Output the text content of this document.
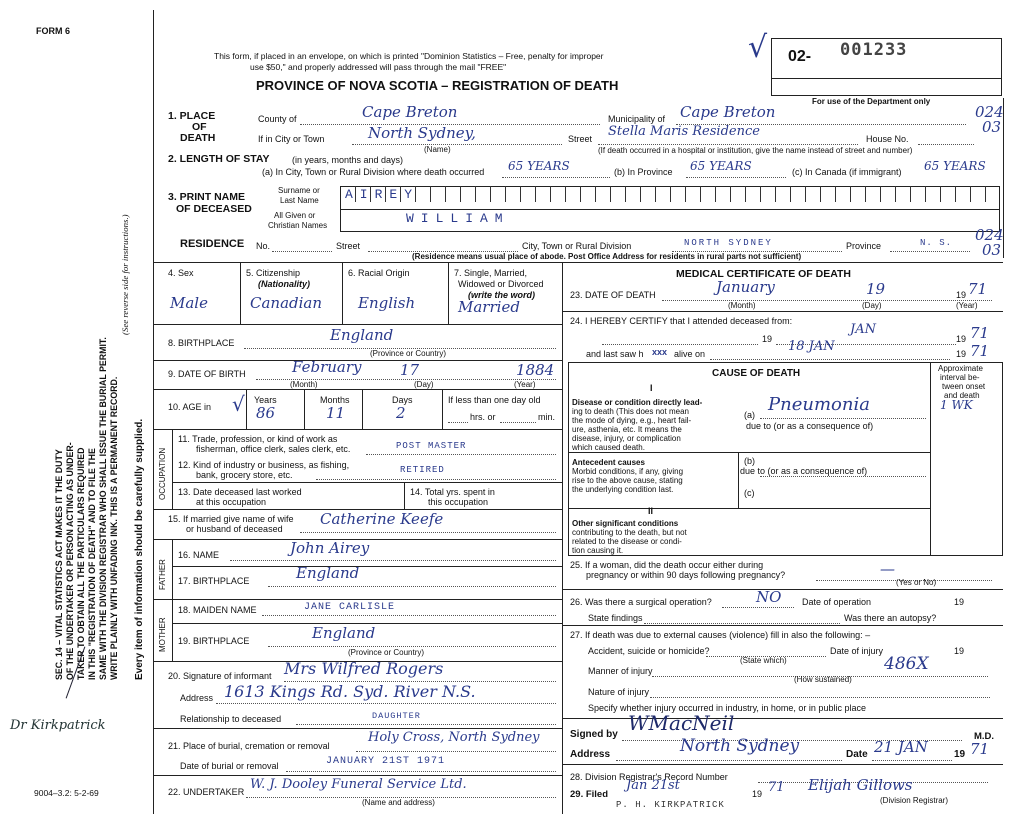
FORM 6
This form, if placed in an envelope, on which is printed "Dominion Statistics – Free, penalty for improper
use $50," and properly addressed will pass through the mail "FREE"
PROVINCE OF NOVA SCOTIA – REGISTRATION OF DEATH
02- 001233
√
For use of the Department only
1. PLACE
OF
DEATH
County of	Cape Breton	Municipality of Cape Breton	024
03
If in City or Town	North Sydney,
(Name)
Street Stella Maris Residence	House No.
(If death occurred in a hospital or institution, give the name instead of street and number)
2. LENGTH OF STAY (in years, months and days)
(a) In City, Town or Rural Division where death occurred 65 YEARS	(b) In Province 65 YEARS	(c) In Canada (if immigrant) 65 YEARS
3. PRINT NAME
OF DECEASED
Surname or
Last Name
All Given or
Christian Names
AIREY
WILLIAM
RESIDENCE No.	Street	City, Town or Rural Division	NORTH SYDNEY	Province	N. S. 024
03
(Residence means usual place of abode. Post Office Address for residents in rural parts not sufficient)
SEC. 14 – VITAL STATISTICS ACT MAKES IT THE DUTY OF THE UNDERTAKER OR PERSON ACTING AS UNDER- TAKER TO OBTAIN ALL THE PARTICULARS REQUIRED IN THIS "REGISTRATION OF DEATH" AND TO FILE THE SAME WITH THE DIVISION REGISTRAR WHO SHALL ISSUE THE BURIAL PERMIT. WRITE PLAINLY WITH UNFADING INK. THIS IS A PERMANENT RECORD.
(See reverse side for instructions.)
Every item of information should be carefully supplied.
Dr Kirkpatrick
9004–3.2: 5-2-69
4. Sex
Male
5. Citizenship
(Nationality)
Canadian
6. Racial Origin
English
7. Single, Married,
Widowed or Divorced
(write the word)
Married
8. BIRTHPLACE	England
(Province or Country)
9. DATE OF BIRTH	February	17	1884
(Month)	(Day)	(Year)
10. AGE in
Years
86
√	Months
11
Days
2
If less than one day old
hrs. or	min.
OCCUPATION
11. Trade, profession, or kind of work as
fisherman, office clerk, sales clerk, etc.	POST MASTER
12. Kind of industry or business, as fishing,
bank, grocery store, etc.	RETIRED
13. Date deceased last worked
at this occupation
14. Total yrs. spent in
this occupation
15. If married give name of wife
or husband of deceased
Catherine Keefe
FATHER
16. NAME	John Airey
17. BIRTHPLACE	England
MOTHER
18. MAIDEN NAME	JANE CARLISLE
19. BIRTHPLACE	England
(Province or Country)
20. Signature of informant Mrs Wilfred Rogers
Address 1613 Kings Rd. Syd. River N.S.
Relationship to deceased	DAUGHTER
21. Place of burial, cremation or removal
Holy Cross, North Sydney
Date of burial or removal	JANUARY 21ST 1971
22. UNDERTAKER W. J. Dooley Funeral Service Ltd.
(Name and address)
MEDICAL CERTIFICATE OF DEATH
23. DATE OF DEATH	January	19	19 71
(Month)	(Day)	(Year)
24. I HEREBY CERTIFY that I attended deceased from:
19
JAN
19 71
and last saw h xxx alive on	18 JAN	19 71
CAUSE OF DEATH	Approximate
interval be-
tween onset
and death
I
Disease or condition directly lead-
ing to death (This does not mean
the mode of dying, e.g., heart fail-
ure, asthenia, etc. It means the
disease, injury, or complication
which caused death.
(a) Pneumonia	1 WK
due to (or as a consequence of)
Antecedent causes
Morbid conditions, if any, giving
rise to the above cause, stating
the underlying condition last.
(b)
due to (or as a consequence of)
(c)
II
Other significant conditions
contributing to the death, but not
related to the disease or condi-
tion causing it.
25. If a woman, did the death occur either during
pregnancy or within 90 days following pregnancy?	—
(Yes or No)
26. Was there a surgical operation?	NO Date of operation	19
State findings	Was there an autopsy?
27. If death was due to external causes (violence) fill in also the following: –
Accident, suicide or homicide?	Date of injury	19
(State which)
Manner of injury	486X
(How sustained)
Nature of injury
Specify whether injury occurred in industry, in home, or in public place
Signed by WMacNeil
M.D.
Address	North Sydney	Date 21 JAN	19 71
28. Division Registrar's Record Number
29. Filed
Jan 21st
19 71 Elijah Gillows
(Division Registrar)
P. H. KIRKPATRICK
